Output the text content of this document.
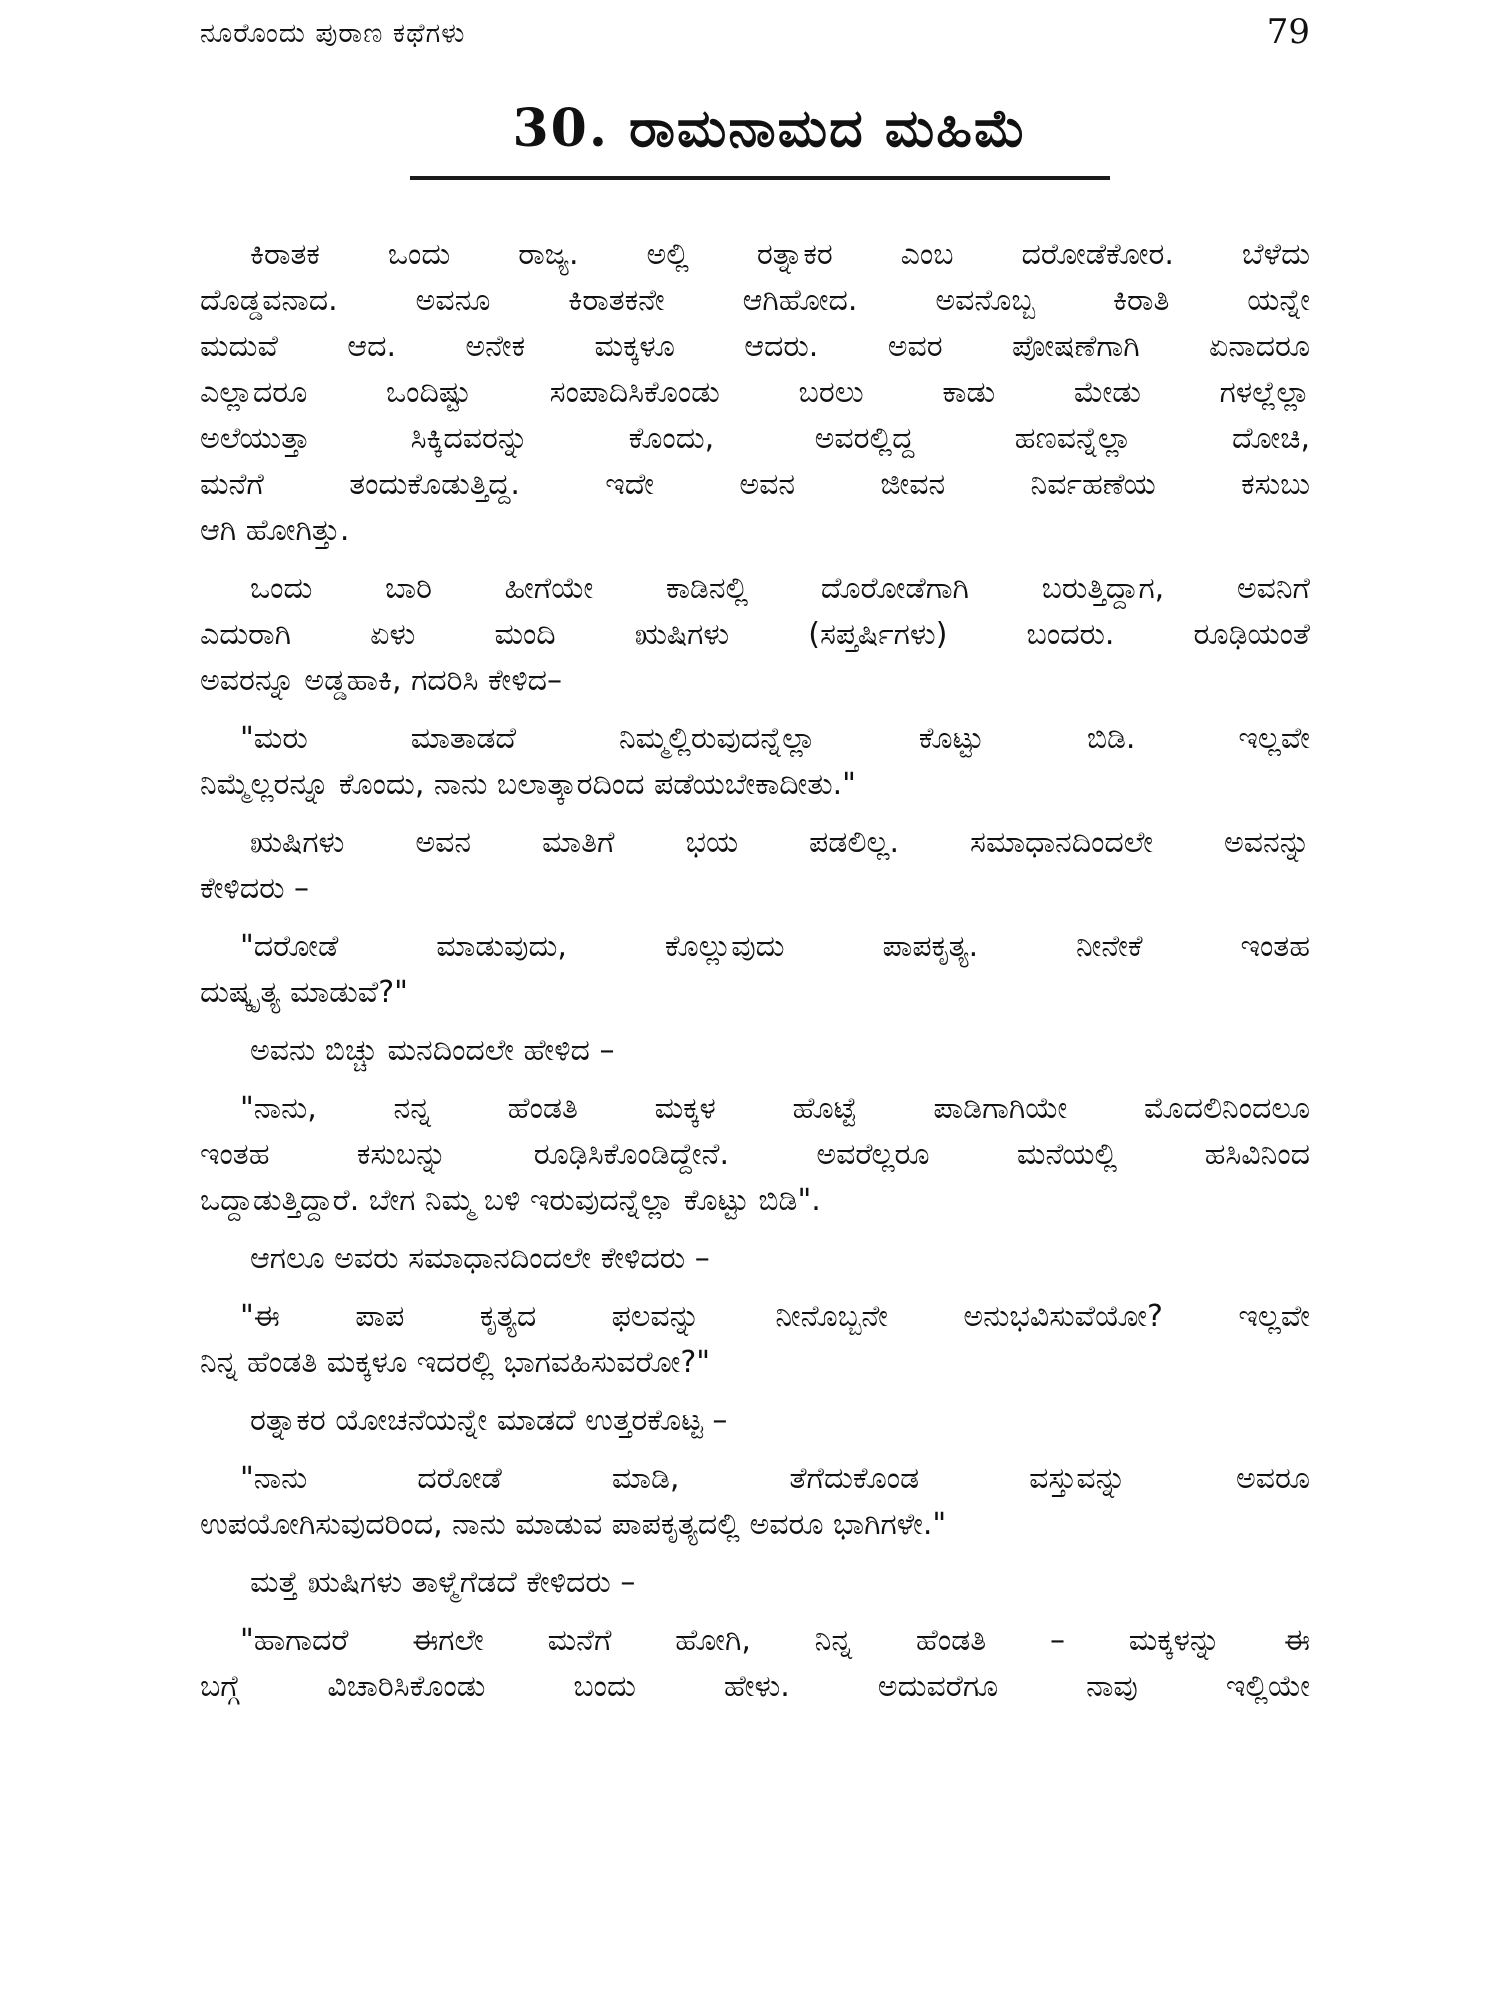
ನೂರೊಂದು ಪುರಾಣ ಕಥೆಗಳು	79
30. ರಾಮನಾಮದ ಮಹಿಮೆ

ಕಿರಾತಕ ಒಂದು ರಾಜ್ಯ. ಅಲ್ಲಿ ರತ್ನಾಕರ ಎಂಬ ದರೋಡೆಕೋರ. ಬೆಳೆದು
ದೊಡ್ಡವನಾದ. ಅವನೂ ಕಿರಾತಕನೇ ಆಗಿಹೋದ. ಅವನೊಬ್ಬ ಕಿರಾತಿ ಯನ್ನೇ
ಮದುವೆ ಆದ. ಅನೇಕ ಮಕ್ಕಳೂ ಆದರು. ಅವರ ಪೋಷಣೆಗಾಗಿ ಏನಾದರೂ
ಎಲ್ಲಾದರೂ ಒಂದಿಷ್ಟು ಸಂಪಾದಿಸಿಕೊಂಡು ಬರಲು ಕಾಡು ಮೇಡು ಗಳಲ್ಲೆಲ್ಲಾ
ಅಲೆಯುತ್ತಾ ಸಿಕ್ಕಿದವರನ್ನು ಕೊಂದು, ಅವರಲ್ಲಿದ್ದ ಹಣವನ್ನೆಲ್ಲಾ ದೋಚಿ,
ಮನೆಗೆ ತಂದುಕೊಡುತ್ತಿದ್ದ. ಇದೇ ಅವನ ಜೀವನ ನಿರ್ವಹಣೆಯ ಕಸುಬು
ಆಗಿ ಹೋಗಿತ್ತು.

ಒಂದು ಬಾರಿ ಹೀಗೆಯೇ ಕಾಡಿನಲ್ಲಿ ದೊರೋಡೆಗಾಗಿ ಬರುತ್ತಿದ್ದಾಗ, ಅವನಿಗೆ
ಎದುರಾಗಿ ಏಳು ಮಂದಿ ಋಷಿಗಳು (ಸಪ್ತರ್ಷಿಗಳು) ಬಂದರು. ರೂಢಿಯಂತೆ
ಅವರನ್ನೂ ಅಡ್ಡಹಾಕಿ, ಗದರಿಸಿ ಕೇಳಿದ–

"ಮರು ಮಾತಾಡದೆ ನಿಮ್ಮಲ್ಲಿರುವುದನ್ನೆಲ್ಲಾ ಕೊಟ್ಟು ಬಿಡಿ. ಇಲ್ಲವೇ
ನಿಮ್ಮೆಲ್ಲರನ್ನೂ ಕೊಂದು, ನಾನು ಬಲಾತ್ಕಾರದಿಂದ ಪಡೆಯಬೇಕಾದೀತು."

ಋಷಿಗಳು ಅವನ ಮಾತಿಗೆ ಭಯ ಪಡಲಿಲ್ಲ. ಸಮಾಧಾನದಿಂದಲೇ ಅವನನ್ನು
ಕೇಳಿದರು –

"ದರೋಡೆ ಮಾಡುವುದು, ಕೊಲ್ಲುವುದು ಪಾಪಕೃತ್ಯ. ನೀನೇಕೆ ಇಂತಹ
ದುಷ್ಕೃತ್ಯ ಮಾಡುವೆ?"

ಅವನು ಬಿಚ್ಚು ಮನದಿಂದಲೇ ಹೇಳಿದ –

"ನಾನು, ನನ್ನ ಹೆಂಡತಿ ಮಕ್ಕಳ ಹೊಟ್ಟೆ ಪಾಡಿಗಾಗಿಯೇ ಮೊದಲಿನಿಂದಲೂ
ಇಂತಹ ಕಸುಬನ್ನು ರೂಢಿಸಿಕೊಂಡಿದ್ದೇನೆ. ಅವರೆಲ್ಲರೂ ಮನೆಯಲ್ಲಿ ಹಸಿವಿನಿಂದ
ಒದ್ದಾಡುತ್ತಿದ್ದಾರೆ. ಬೇಗ ನಿಮ್ಮ ಬಳಿ ಇರುವುದನ್ನೆಲ್ಲಾ ಕೊಟ್ಟು ಬಿಡಿ".

ಆಗಲೂ ಅವರು ಸಮಾಧಾನದಿಂದಲೇ ಕೇಳಿದರು –

"ಈ ಪಾಪ ಕೃತ್ಯದ ಫಲವನ್ನು ನೀನೊಬ್ಬನೇ ಅನುಭವಿಸುವೆಯೋ? ಇಲ್ಲವೇ
ನಿನ್ನ ಹೆಂಡತಿ ಮಕ್ಕಳೂ ಇದರಲ್ಲಿ ಭಾಗವಹಿಸುವರೋ?"

ರತ್ನಾಕರ ಯೋಚನೆಯನ್ನೇ ಮಾಡದೆ ಉತ್ತರಕೊಟ್ಟ –

"ನಾನು ದರೋಡೆ ಮಾಡಿ, ತೆಗೆದುಕೊಂಡ ವಸ್ತುವನ್ನು ಅವರೂ
ಉಪಯೋಗಿಸುವುದರಿಂದ, ನಾನು ಮಾಡುವ ಪಾಪಕೃತ್ಯದಲ್ಲಿ ಅವರೂ ಭಾಗಿಗಳೇ."

ಮತ್ತೆ ಋಷಿಗಳು ತಾಳ್ಮೆಗೆಡದೆ ಕೇಳಿದರು –

"ಹಾಗಾದರೆ ಈಗಲೇ ಮನೆಗೆ ಹೋಗಿ, ನಿನ್ನ ಹೆಂಡತಿ – ಮಕ್ಕಳನ್ನು ಈ
ಬಗ್ಗೆ ವಿಚಾರಿಸಿಕೊಂಡು ಬಂದು ಹೇಳು. ಅದುವರೆಗೂ ನಾವು ಇಲ್ಲಿಯೇ
